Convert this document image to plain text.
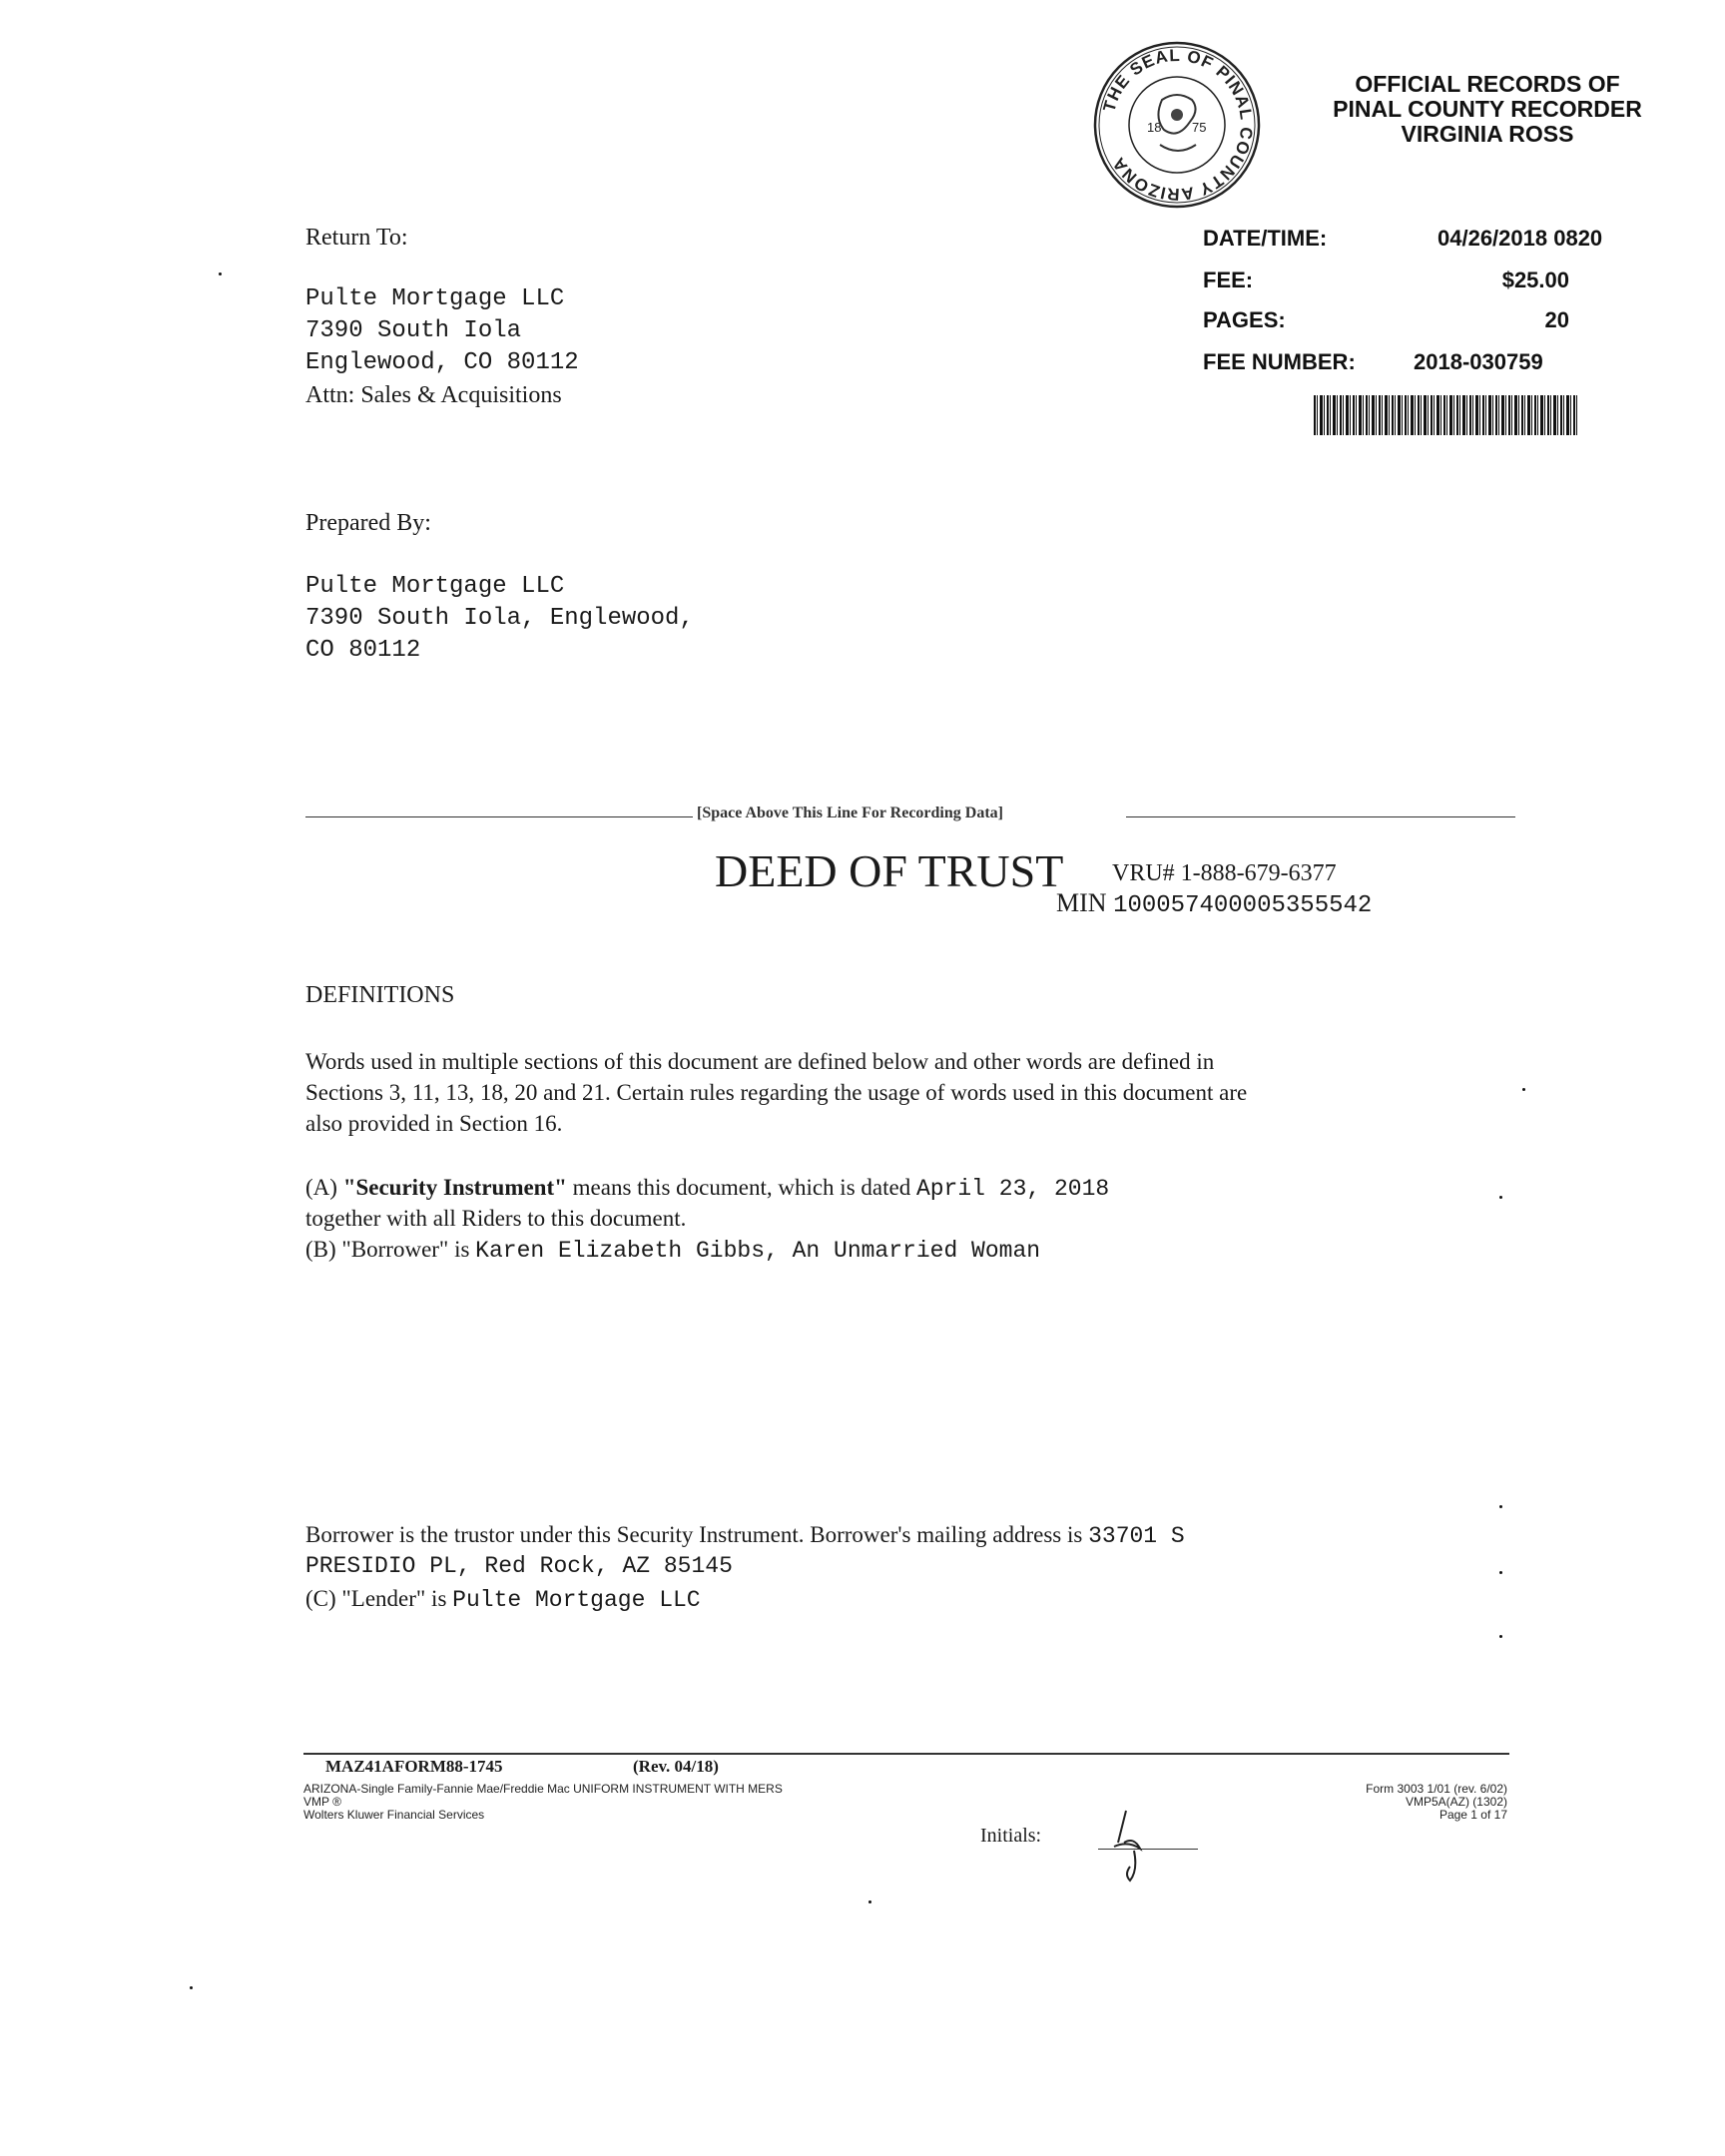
THE SEAL OF PINAL COUNTY ARIZONA
18 75
OFFICIAL RECORDS OF
PINAL COUNTY RECORDER
VIRGINIA ROSS
DATE/TIME:	04/26/2018 0820
FEE:	$25.00
PAGES:	20
FEE NUMBER:	2018-030759
Return To:
Pulte Mortgage LLC
7390 South Iola
Englewood, CO 80112
Attn: Sales & Acquisitions
Prepared By:
Pulte Mortgage LLC
7390 South Iola, Englewood,
CO 80112
[Space Above This Line For Recording Data]
DEED OF TRUST VRU# 1-888-679-6377
MIN 100057400005355542
DEFINITIONS
Words used in multiple sections of this document are defined below and other words are defined in
Sections 3, 11, 13, 18, 20 and 21. Certain rules regarding the usage of words used in this document are
also provided in Section 16.
(A) "Security Instrument" means this document, which is dated April 23, 2018
together with all Riders to this document.
(B) "Borrower" is Karen Elizabeth Gibbs, An Unmarried Woman
Borrower is the trustor under this Security Instrument. Borrower's mailing address is 33701 S
PRESIDIO PL, Red Rock, AZ 85145
(C) "Lender" is Pulte Mortgage LLC
MAZ41AFORM88-1745	(Rev. 04/18)
ARIZONA-Single Family-Fannie Mae/Freddie Mac UNIFORM INSTRUMENT WITH MERS
VMP ®
Wolters Kluwer Financial Services
Initials:
Form 3003 1/01 (rev. 6/02)
VMP5A(AZ) (1302)
Page 1 of 17
